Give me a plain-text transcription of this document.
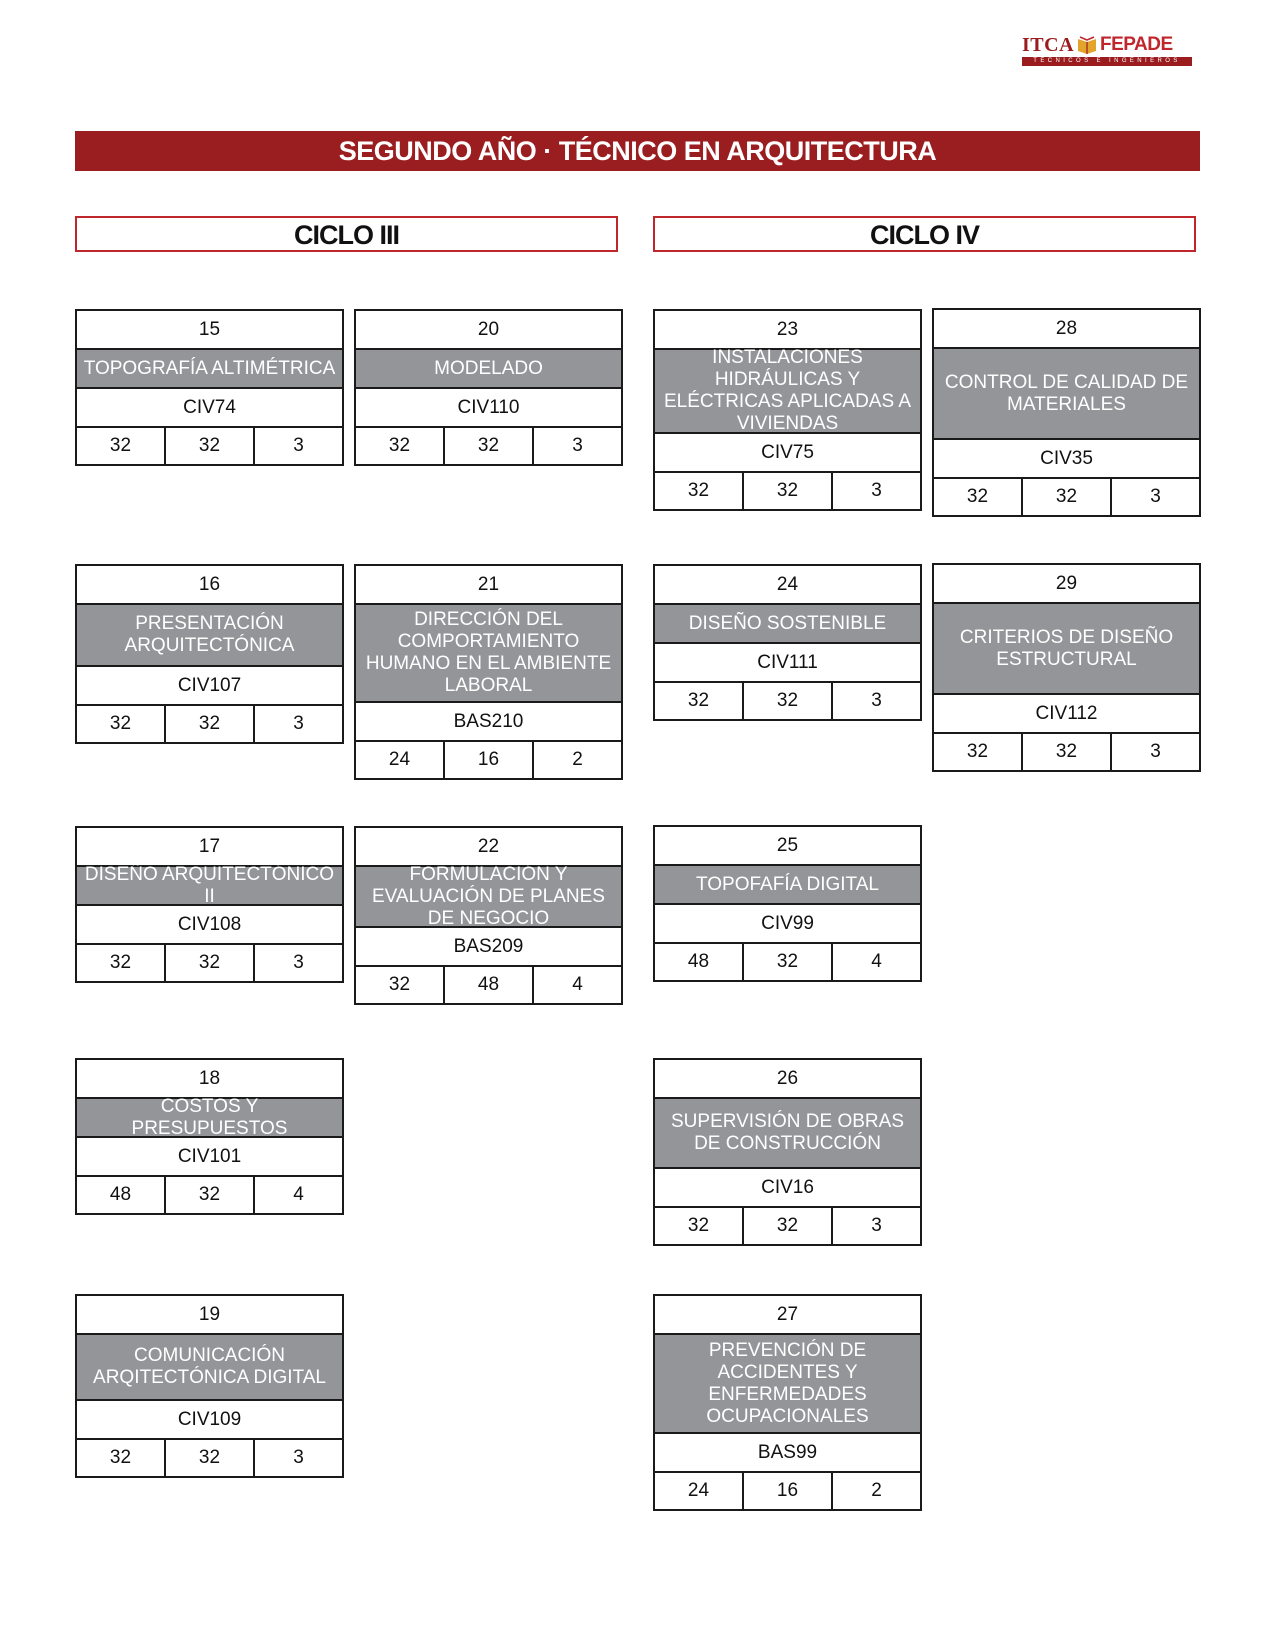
ITCA FEPADE
TÉCNICOS E INGENIEROS
SEGUNDO AÑO · TÉCNICO EN ARQUITECTURA
CICLO III	CICLO IV
15
TOPOGRAFÍA ALTIMÉTRICA
CIV74
32	32	3
20
MODELADO
CIV110
32	32	3
23
INSTALACIONES HIDRÁULICAS Y ELÉCTRICAS APLICADAS A VIVIENDAS
CIV75
32	32	3
28
CONTROL DE CALIDAD DE MATERIALES
CIV35
32	32	3
16
PRESENTACIÓN ARQUITECTÓNICA
CIV107
32	32	3
21
DIRECCIÓN DEL COMPORTAMIENTO HUMANO EN EL AMBIENTE LABORAL
BAS210
24	16	2
24
DISEÑO SOSTENIBLE
CIV111
32	32	3
29
CRITERIOS DE DISEÑO ESTRUCTURAL
CIV112
32	32	3
17
DISEÑO ARQUITECTÓNICO II
CIV108
32	32	3
22
FORMULACIÓN Y EVALUACIÓN DE PLANES DE NEGOCIO
BAS209
32	48	4
25
TOPOFAFÍA DIGITAL
CIV99
48	32	4
18
COSTOS Y PRESUPUESTOS
CIV101
48	32	4
26
SUPERVISIÓN DE OBRAS DE CONSTRUCCIÓN
CIV16
32	32	3
19
COMUNICACIÓN ARQITECTÓNICA DIGITAL
CIV109
32	32	3
27
PREVENCIÓN DE ACCIDENTES Y ENFERMEDADES OCUPACIONALES
BAS99
24	16	2
